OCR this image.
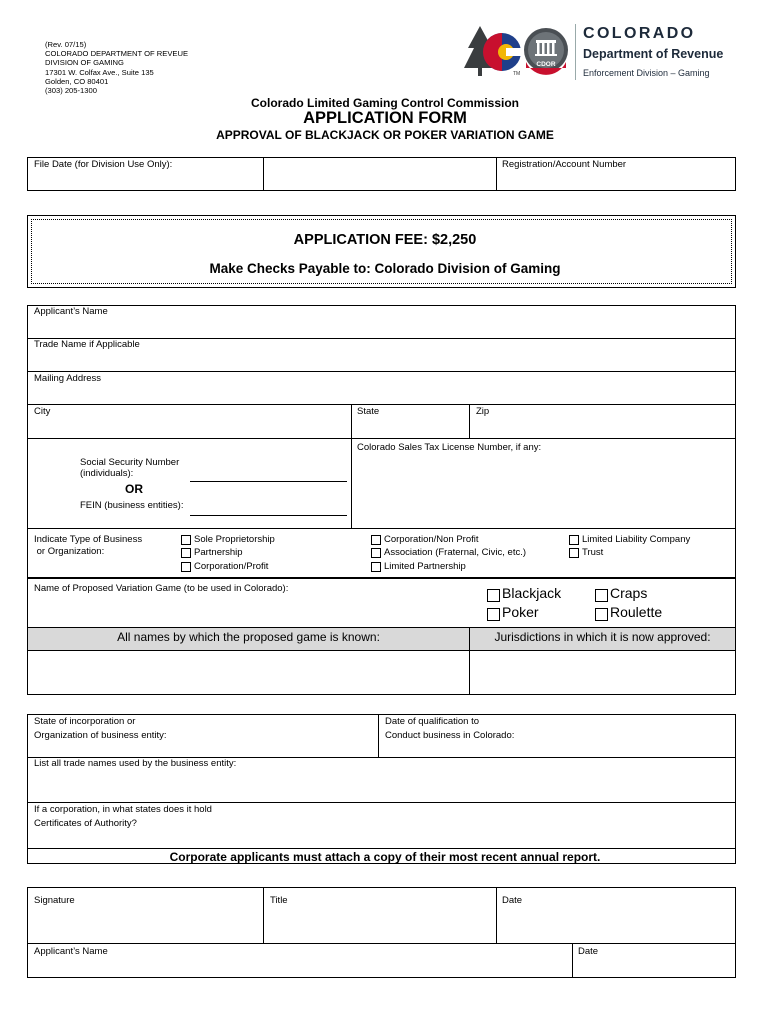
(Rev. 07/15)
COLORADO DEPARTMENT OF REVEUE
DIVISION OF GAMING
17301 W. Colfax Ave., Suite 135
Golden, CO 80401
(303) 205-1300
TM
CDOR
COLORADO
Department of Revenue
Enforcement Division – Gaming
Colorado Limited Gaming Control Commission
APPLICATION FORM
APPROVAL OF BLACKJACK OR POKER VARIATION GAME
File Date (for Division Use Only):	Registration/Account Number
APPLICATION FEE: $2,250
Make Checks Payable to: Colorado Division of Gaming
Applicant’s Name
Trade Name if Applicable
Mailing Address
City	State	Zip
Colorado Sales Tax License Number, if any:
Social Security Number
(individuals):
OR
FEIN (business entities):
Indicate Type of Business
or Organization:
Sole Proprietorship
Partnership
Corporation/Profit
Corporation/Non Profit
Association (Fraternal, Civic, etc.)
Limited Partnership
Limited Liability Company
Trust
Name of Proposed Variation Game (to be used in Colorado):	Blackjack	Craps
Poker	Roulette
All names by which the proposed game is known:	Jurisdictions in which it is now approved:
State of incorporation or
Organization of business entity:
Date of qualification to
Conduct business in Colorado:
List all trade names used by the business entity:
If a corporation, in what states does it hold
Certificates of Authority?
Corporate applicants must attach a copy of their most recent annual report.
Signature	Title	Date
Applicant’s Name	Date
